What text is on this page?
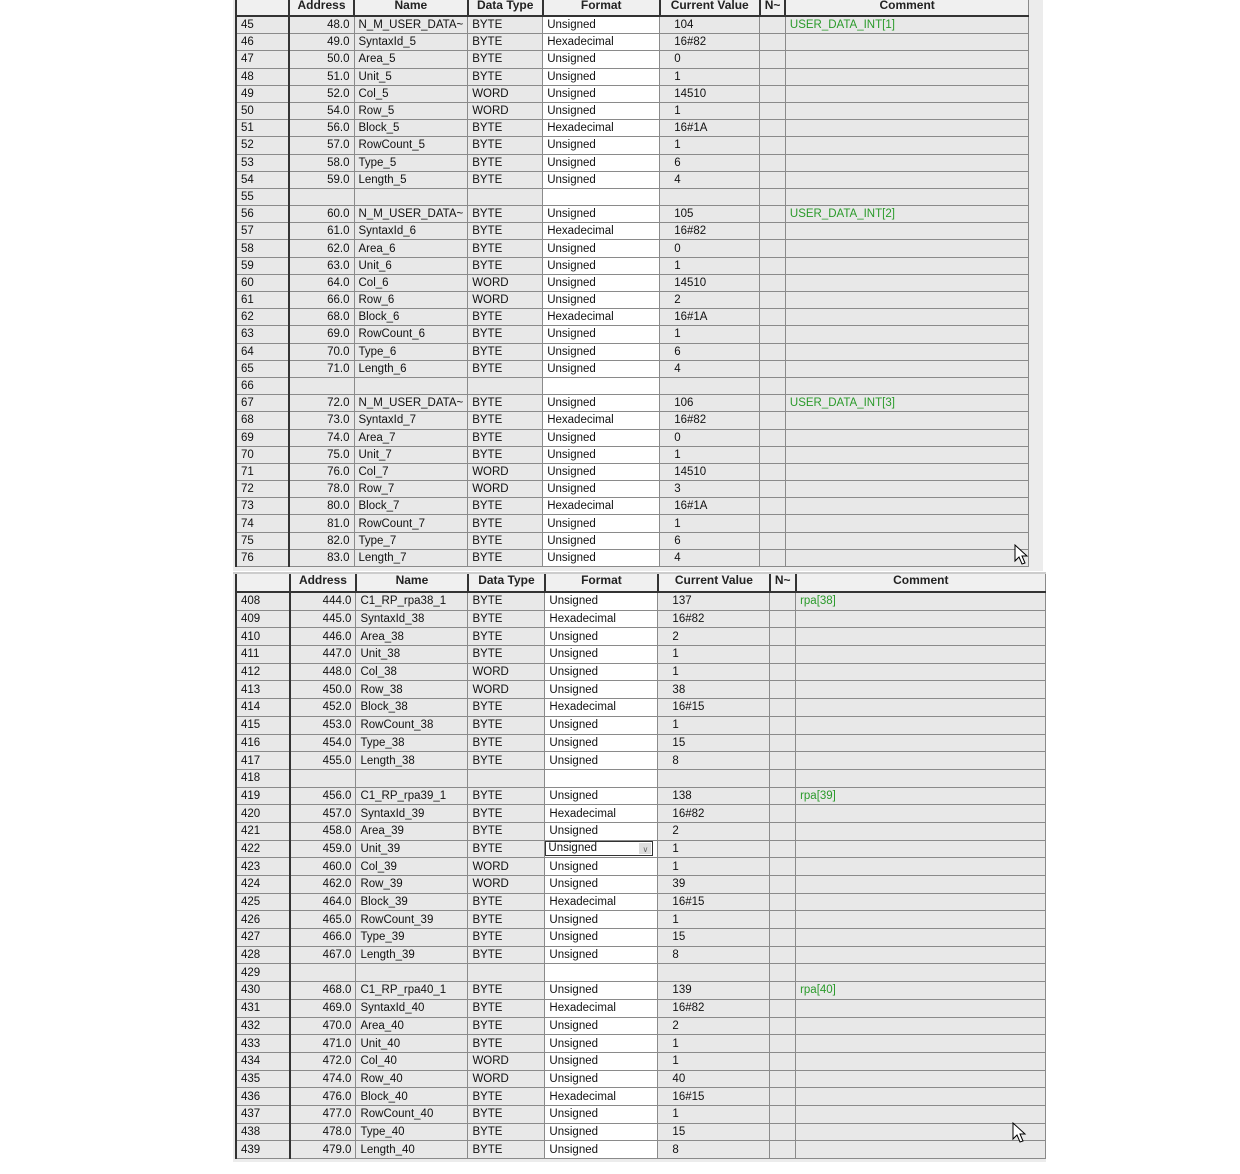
	Address	Name	Data Type	Format	Current Value	N~	Comment
45	48.0	N_M_USER_DATA~	BYTE	Unsigned	104		USER_DATA_INT[1]
46	49.0	SyntaxId_5	BYTE	Hexadecimal	16#82		
47	50.0	Area_5	BYTE	Unsigned	0		
48	51.0	Unit_5	BYTE	Unsigned	1		
49	52.0	Col_5	WORD	Unsigned	14510		
50	54.0	Row_5	WORD	Unsigned	1		
51	56.0	Block_5	BYTE	Hexadecimal	16#1A		
52	57.0	RowCount_5	BYTE	Unsigned	1		
53	58.0	Type_5	BYTE	Unsigned	6		
54	59.0	Length_5	BYTE	Unsigned	4		
55							
56	60.0	N_M_USER_DATA~	BYTE	Unsigned	105		USER_DATA_INT[2]
57	61.0	SyntaxId_6	BYTE	Hexadecimal	16#82		
58	62.0	Area_6	BYTE	Unsigned	0		
59	63.0	Unit_6	BYTE	Unsigned	1		
60	64.0	Col_6	WORD	Unsigned	14510		
61	66.0	Row_6	WORD	Unsigned	2		
62	68.0	Block_6	BYTE	Hexadecimal	16#1A		
63	69.0	RowCount_6	BYTE	Unsigned	1		
64	70.0	Type_6	BYTE	Unsigned	6		
65	71.0	Length_6	BYTE	Unsigned	4		
66							
67	72.0	N_M_USER_DATA~	BYTE	Unsigned	106		USER_DATA_INT[3]
68	73.0	SyntaxId_7	BYTE	Hexadecimal	16#82		
69	74.0	Area_7	BYTE	Unsigned	0		
70	75.0	Unit_7	BYTE	Unsigned	1		
71	76.0	Col_7	WORD	Unsigned	14510		
72	78.0	Row_7	WORD	Unsigned	3		
73	80.0	Block_7	BYTE	Hexadecimal	16#1A		
74	81.0	RowCount_7	BYTE	Unsigned	1		
75	82.0	Type_7	BYTE	Unsigned	6		
76	83.0	Length_7	BYTE	Unsigned	4		
	Address	Name	Data Type	Format	Current Value	N~	Comment
408	444.0	C1_RP_rpa38_1	BYTE	Unsigned	137		rpa[38]
409	445.0	SyntaxId_38	BYTE	Hexadecimal	16#82		
410	446.0	Area_38	BYTE	Unsigned	2		
411	447.0	Unit_38	BYTE	Unsigned	1		
412	448.0	Col_38	WORD	Unsigned	1		
413	450.0	Row_38	WORD	Unsigned	38		
414	452.0	Block_38	BYTE	Hexadecimal	16#15		
415	453.0	RowCount_38	BYTE	Unsigned	1		
416	454.0	Type_38	BYTE	Unsigned	15		
417	455.0	Length_38	BYTE	Unsigned	8		
418							
419	456.0	C1_RP_rpa39_1	BYTE	Unsigned	138		rpa[39]
420	457.0	SyntaxId_39	BYTE	Hexadecimal	16#82		
421	458.0	Area_39	BYTE	Unsigned	2		
422	459.0	Unit_39	BYTE	Unsigned ∨	1		
423	460.0	Col_39	WORD	Unsigned	1		
424	462.0	Row_39	WORD	Unsigned	39		
425	464.0	Block_39	BYTE	Hexadecimal	16#15		
426	465.0	RowCount_39	BYTE	Unsigned	1		
427	466.0	Type_39	BYTE	Unsigned	15		
428	467.0	Length_39	BYTE	Unsigned	8		
429							
430	468.0	C1_RP_rpa40_1	BYTE	Unsigned	139		rpa[40]
431	469.0	SyntaxId_40	BYTE	Hexadecimal	16#82		
432	470.0	Area_40	BYTE	Unsigned	2		
433	471.0	Unit_40	BYTE	Unsigned	1		
434	472.0	Col_40	WORD	Unsigned	1		
435	474.0	Row_40	WORD	Unsigned	40		
436	476.0	Block_40	BYTE	Hexadecimal	16#15		
437	477.0	RowCount_40	BYTE	Unsigned	1		
438	478.0	Type_40	BYTE	Unsigned	15		
439	479.0	Length_40	BYTE	Unsigned	8		
